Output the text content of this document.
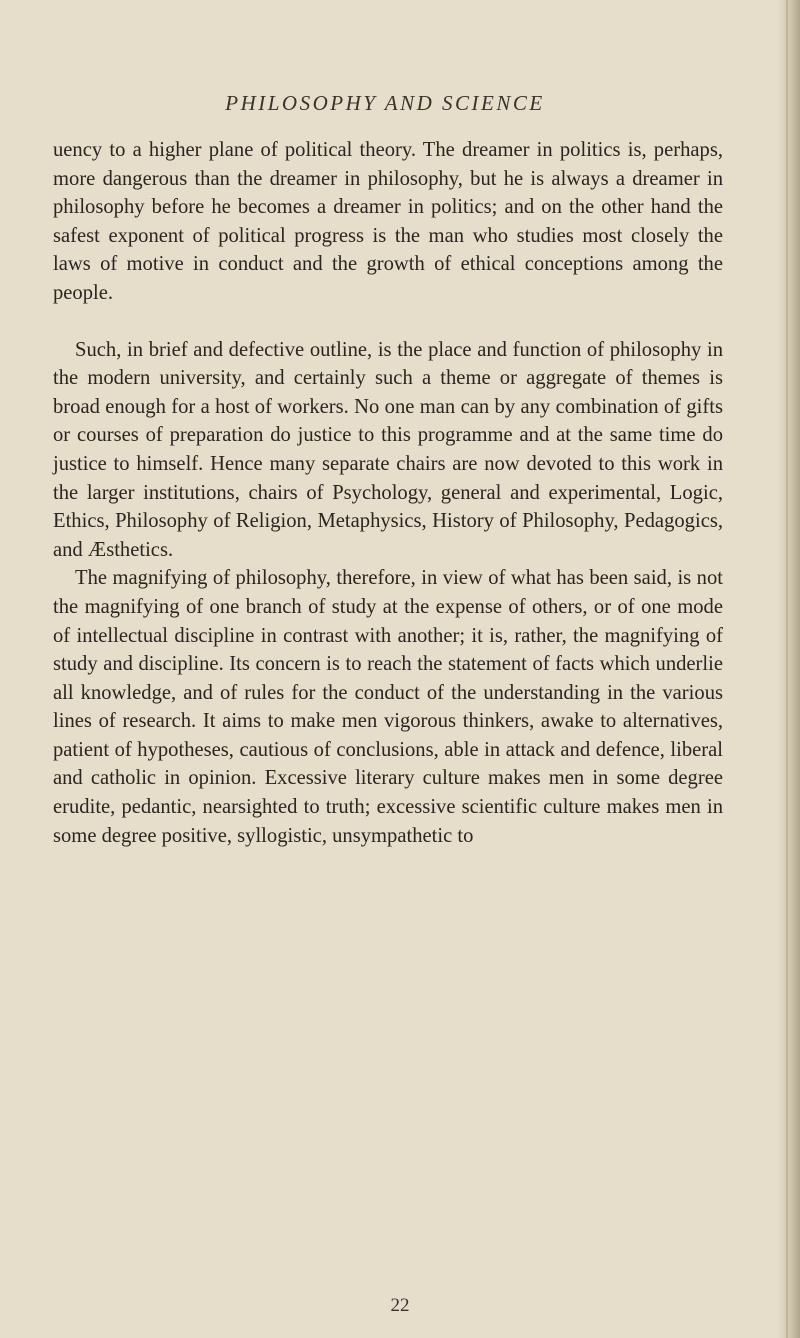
PHILOSOPHY AND SCIENCE

uency to a higher plane of political theory. The dreamer in politics is, perhaps, more dangerous than the dreamer in philosophy, but he is always a dreamer in philosophy before he becomes a dreamer in politics; and on the other hand the safest exponent of political progress is the man who studies most closely the laws of motive in conduct and the growth of ethical conceptions among the people.

Such, in brief and defective outline, is the place and function of philosophy in the modern university, and certainly such a theme or aggregate of themes is broad enough for a host of workers. No one man can by any combination of gifts or courses of preparation do justice to this programme and at the same time do justice to himself. Hence many separate chairs are now devoted to this work in the larger institutions, chairs of Psychology, general and experimental, Logic, Ethics, Philosophy of Religion, Metaphysics, History of Philosophy, Pedagogics, and Æsthetics.

The magnifying of philosophy, therefore, in view of what has been said, is not the magnifying of one branch of study at the expense of others, or of one mode of intellectual discipline in contrast with another; it is, rather, the magnifying of study and discipline. Its concern is to reach the statement of facts which underlie all knowledge, and of rules for the conduct of the understanding in the various lines of research. It aims to make men vigorous thinkers, awake to alternatives, patient of hypotheses, cautious of conclusions, able in attack and defence, liberal and catholic in opinion. Excessive literary culture makes men in some degree erudite, pedantic, nearsighted to truth; excessive scientific culture makes men in some degree positive, syllogistic, unsympathetic to

22
